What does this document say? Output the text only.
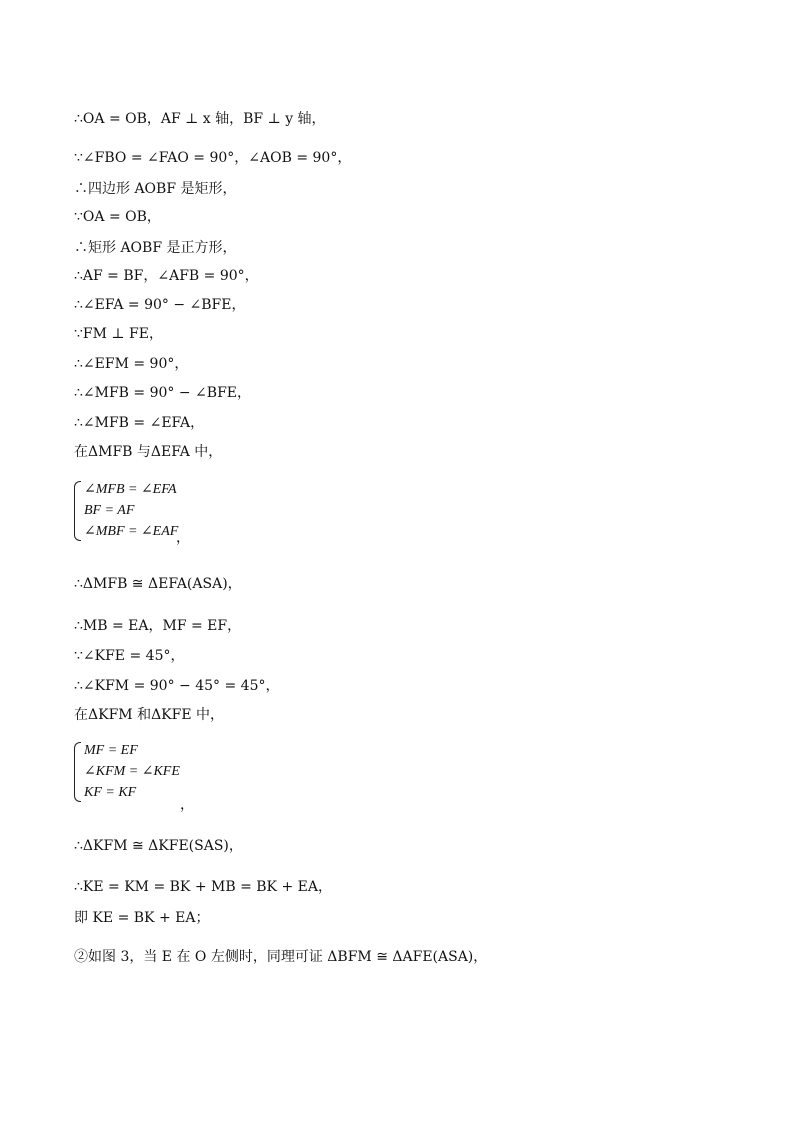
∴OA = OB，AF ⊥ x 轴，BF ⊥ y 轴，
∵∠FBO = ∠FAO = 90°，∠AOB = 90°，
∴四边形 AOBF 是矩形，
∵OA = OB，
∴矩形 AOBF 是正方形，
∴AF = BF，∠AFB = 90°，
∴∠EFA = 90° − ∠BFE，
∵FM ⊥ FE，
∴∠EFM = 90°，
∴∠MFB = 90° − ∠BFE，
∴∠MFB = ∠EFA，
在ΔMFB 与ΔEFA 中，
∠MFB = ∠EFA
BF = AF
∠MBF = ∠EAF
，
∴ΔMFB ≅ ΔEFA(ASA)，
∴MB = EA，MF = EF，
∵∠KFE = 45°，
∴∠KFM = 90° − 45° = 45°，
在ΔKFM 和ΔKFE 中，
MF = EF
∠KFM = ∠KFE
KF = KF
，
∴ΔKFM ≅ ΔKFE(SAS)，
∴KE = KM = BK + MB = BK + EA，
即 KE = BK + EA；
②如图 3，当 E 在 O 左侧时，同理可证 ΔBFM ≅ ΔAFE(ASA)，
